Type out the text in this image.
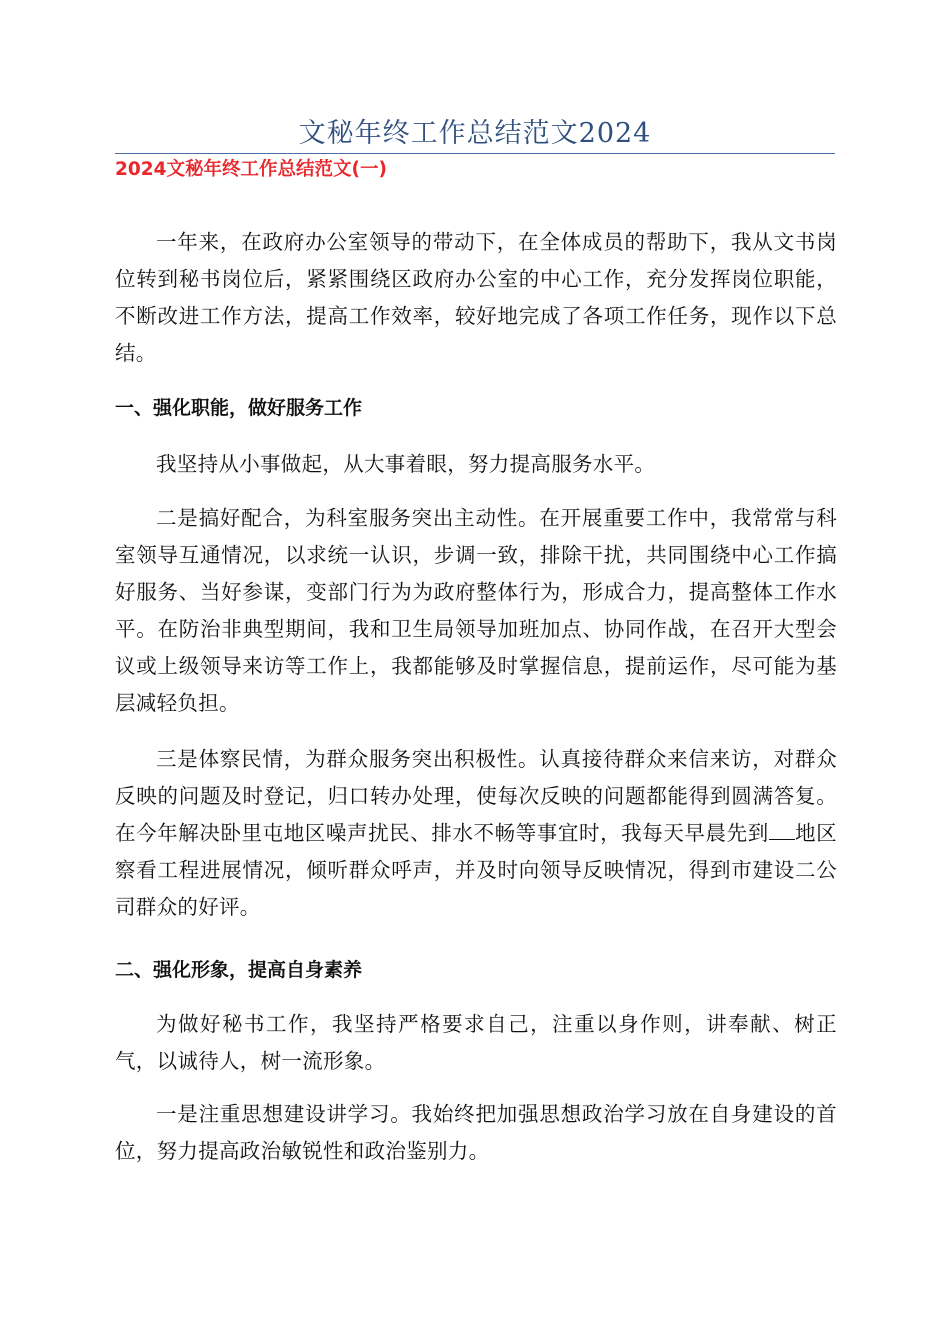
文秘年终工作总结范文2024
2024文秘年终工作总结范文(一)

一年来，在政府办公室领导的带动下，在全体成员的帮助下，我从文书岗位转到秘书岗位后，紧紧围绕区政府办公室的中心工作，充分发挥岗位职能，不断改进工作方法，提高工作效率，较好地完成了各项工作任务，现作以下总结。

一、强化职能，做好服务工作

我坚持从小事做起，从大事着眼，努力提高服务水平。

二是搞好配合，为科室服务突出主动性。在开展重要工作中，我常常与科室领导互通情况，以求统一认识，步调一致，排除干扰，共同围绕中心工作搞好服务、当好参谋，变部门行为为政府整体行为，形成合力，提高整体工作水平。在防治非典型期间，我和卫生局领导加班加点、协同作战，在召开大型会议或上级领导来访等工作上，我都能够及时掌握信息，提前运作，尽可能为基层减轻负担。

三是体察民情，为群众服务突出积极性。认真接待群众来信来访，对群众反映的问题及时登记，归口转办处理，使每次反映的问题都能得到圆满答复。在今年解决卧里屯地区噪声扰民、排水不畅等事宜时，我每天早晨先到 地区察看工程进展情况，倾听群众呼声，并及时向领导反映情况，得到市建设二公司群众的好评。

二、强化形象，提高自身素养

为做好秘书工作，我坚持严格要求自己，注重以身作则，讲奉献、树正气，以诚待人，树一流形象。

一是注重思想建设讲学习。我始终把加强思想政治学习放在自身建设的首位，努力提高政治敏锐性和政治鉴别力。
